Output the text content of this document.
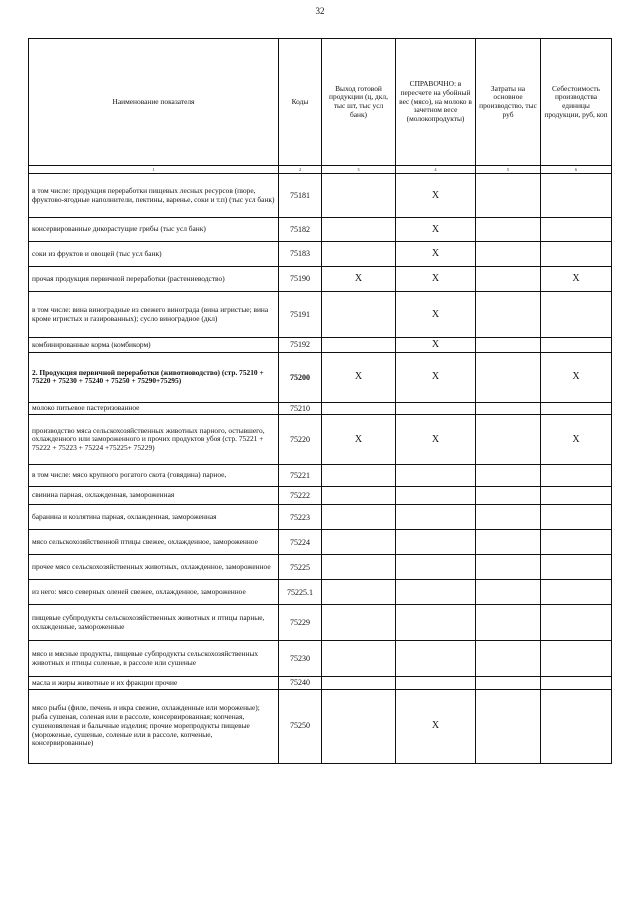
32
Наименование показателя	Коды	Выход готовой продукции (ц, дкл, тыс шт, тыс усл банк)	СПРАВОЧНО: в пересчете на убойный вес (мясо), на молоко в зачетном весе (молокопродукты)	Затраты на основное производство, тыс руб	Себестоимость производства единицы продукции, руб, коп
1	2	3	4	5	6
в том числе: продукция переработки пищевых лесных ресурсов (пюре, фруктово-ягодные наполнители, пектины, варенье, соки и т.п) (тыс усл банк)	75181		X		
консервированные дикорастущие грибы (тыс усл банк)	75182		X		
соки из фруктов и овощей (тыс усл банк)	75183		X		
прочая продукция первичной переработки (растениеводство)	75190	X	X		X
в том числе: вина виноградные из свежего винограда (вина игристые; вина кроме игристых и газированных); сусло виноградное (дкл)	75191		X		
комбинированные корма (комбикорм)	75192		X		
2. Продукция первичной переработки (животноводство) (стр. 75210 + 75220 + 75230 + 75240 + 75250 + 75290+75295)	75200	X	X		X
молоко питьевое пастеризованное	75210				
производство мяса сельскохозяйственных животных парного, остывшего, охлажденного или замороженного и прочих продуктов убоя (стр. 75221 + 75222 + 75223 + 75224 +75225+ 75229)	75220	X	X		X
в том числе: мясо крупного рогатого скота (говядина) парное,	75221				
свинина парная, охлажденная, замороженная	75222				
баранина и козлятина парная, охлажденная, замороженная	75223				
мясо сельскохозяйственной птицы свежее, охлажденное, замороженное	75224				
прочее мясо сельскохозяйственных животных, охлажденное, замороженное	75225				
из него: мясо северных оленей свежее, охлажденное, замороженное	75225.1				
пищевые субпродукты сельскохозяйственных животных и птицы парные, охлажденные, замороженные	75229				
мясо и мясные продукты, пищевые субпродукты сельскохозяйственных животных и птицы соленые, в рассоле или сушеные	75230				
масла и жиры животные и их фракции прочие	75240				
мясо рыбы (филе, печень и икра свежие, охлажденные или мороженые); рыба сушеная, соленая или в рассоле, консервированная; копченая, сушеновяленая и балычные изделия; прочие морепродукты пищевые (мороженые, сушеные, соленые или в рассоле, копченые, консервированные)	75250		X		
